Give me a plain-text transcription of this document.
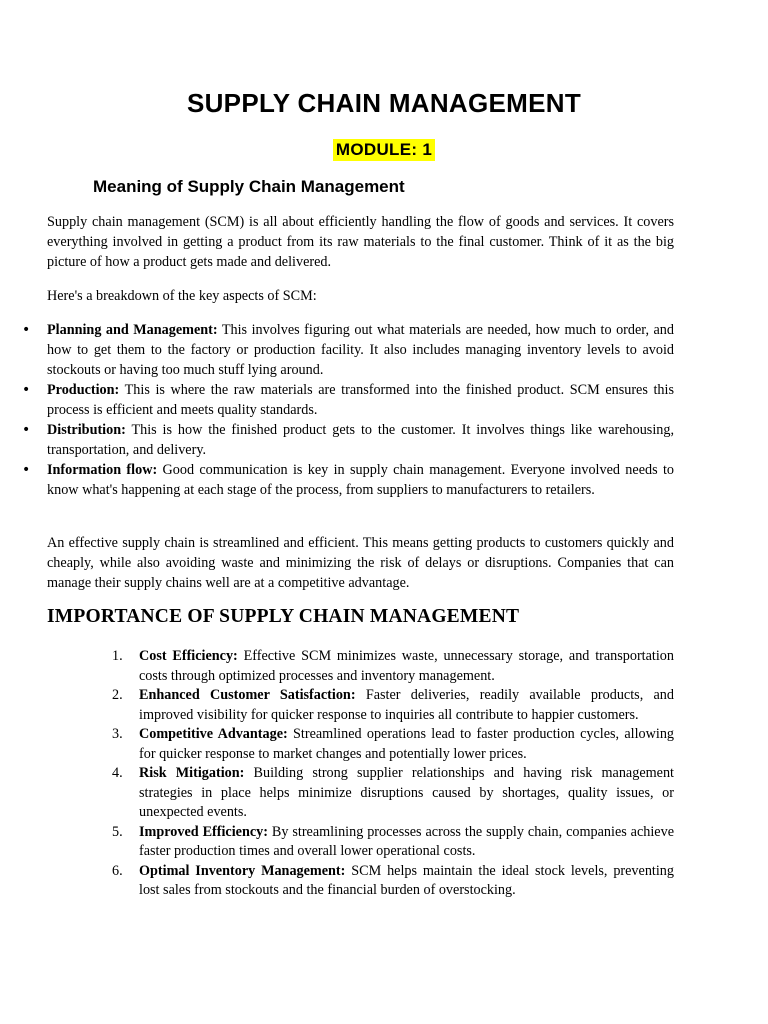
SUPPLY CHAIN MANAGEMENT
MODULE: 1
Meaning of Supply Chain Management

Supply chain management (SCM) is all about efficiently handling the flow of goods and services. It covers everything involved in getting a product from its raw materials to the final customer. Think of it as the big picture of how a product gets made and delivered.

Here's a breakdown of the key aspects of SCM:

• Planning and Management: This involves figuring out what materials are needed, how much to order, and how to get them to the factory or production facility. It also includes managing inventory levels to avoid stockouts or having too much stuff lying around.
• Production: This is where the raw materials are transformed into the finished product. SCM ensures this process is efficient and meets quality standards.
• Distribution: This is how the finished product gets to the customer. It involves things like warehousing, transportation, and delivery.
• Information flow: Good communication is key in supply chain management. Everyone involved needs to know what's happening at each stage of the process, from suppliers to manufacturers to retailers.

An effective supply chain is streamlined and efficient. This means getting products to customers quickly and cheaply, while also avoiding waste and minimizing the risk of delays or disruptions. Companies that can manage their supply chains well are at a competitive advantage.

IMPORTANCE OF SUPPLY CHAIN MANAGEMENT
1. Cost Efficiency: Effective SCM minimizes waste, unnecessary storage, and transportation costs through optimized processes and inventory management.
2. Enhanced Customer Satisfaction: Faster deliveries, readily available products, and improved visibility for quicker response to inquiries all contribute to happier customers.
3. Competitive Advantage: Streamlined operations lead to faster production cycles, allowing for quicker response to market changes and potentially lower prices.
4. Risk Mitigation: Building strong supplier relationships and having risk management strategies in place helps minimize disruptions caused by shortages, quality issues, or unexpected events.
5. Improved Efficiency: By streamlining processes across the supply chain, companies achieve faster production times and overall lower operational costs.
6. Optimal Inventory Management: SCM helps maintain the ideal stock levels, preventing lost sales from stockouts and the financial burden of overstocking.
